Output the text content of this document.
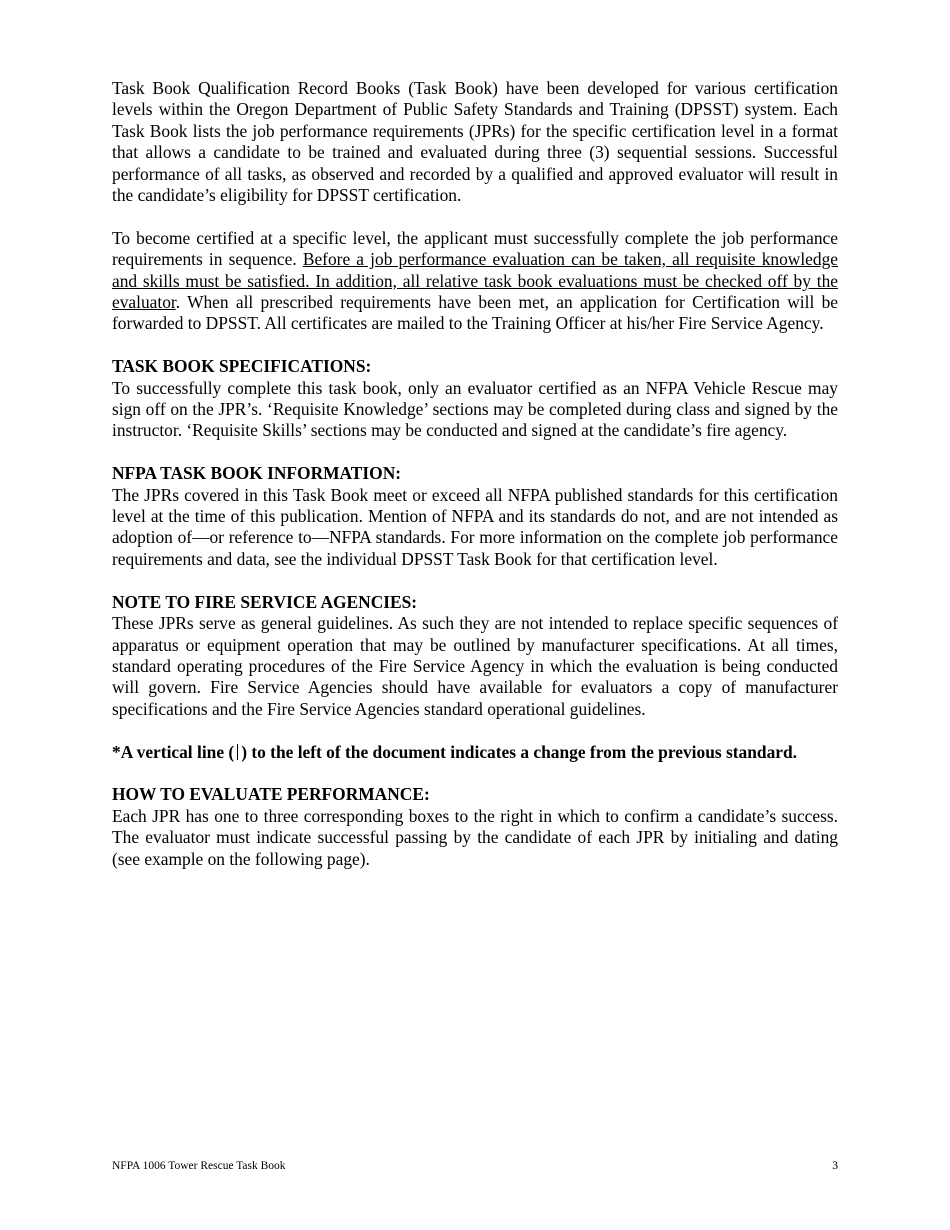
Task Book Qualification Record Books (Task Book) have been developed for various certification levels within the Oregon Department of Public Safety Standards and Training (DPSST) system. Each Task Book lists the job performance requirements (JPRs) for the specific certification level in a format that allows a candidate to be trained and evaluated during three (3) sequential sessions. Successful performance of all tasks, as observed and recorded by a qualified and approved evaluator will result in the candidate’s eligibility for DPSST certification.

To become certified at a specific level, the applicant must successfully complete the job performance requirements in sequence. Before a job performance evaluation can be taken, all requisite knowledge and skills must be satisfied. In addition, all relative task book evaluations must be checked off by the evaluator. When all prescribed requirements have been met, an application for Certification will be forwarded to DPSST. All certificates are mailed to the Training Officer at his/her Fire Service Agency.

TASK BOOK SPECIFICATIONS:

To successfully complete this task book, only an evaluator certified as an NFPA Vehicle Rescue may sign off on the JPR’s. ‘Requisite Knowledge’ sections may be completed during class and signed by the instructor. ‘Requisite Skills’ sections may be conducted and signed at the candidate’s fire agency.

NFPA TASK BOOK INFORMATION:

The JPRs covered in this Task Book meet or exceed all NFPA published standards for this certification level at the time of this publication. Mention of NFPA and its standards do not, and are not intended as adoption of—or reference to—NFPA standards. For more information on the complete job performance requirements and data, see the individual DPSST Task Book for that certification level.

NOTE TO FIRE SERVICE AGENCIES:

These JPRs serve as general guidelines. As such they are not intended to replace specific sequences of apparatus or equipment operation that may be outlined by manufacturer specifications. At all times, standard operating procedures of the Fire Service Agency in which the evaluation is being conducted will govern. Fire Service Agencies should have available for evaluators a copy of manufacturer specifications and the Fire Service Agencies standard operational guidelines.

*A vertical line ( ) to the left of the document indicates a change from the previous standard.

HOW TO EVALUATE PERFORMANCE:

Each JPR has one to three corresponding boxes to the right in which to confirm a candidate’s success. The evaluator must indicate successful passing by the candidate of each JPR by initialing and dating (see example on the following page).

NFPA 1006 Tower Rescue Task Book	3
